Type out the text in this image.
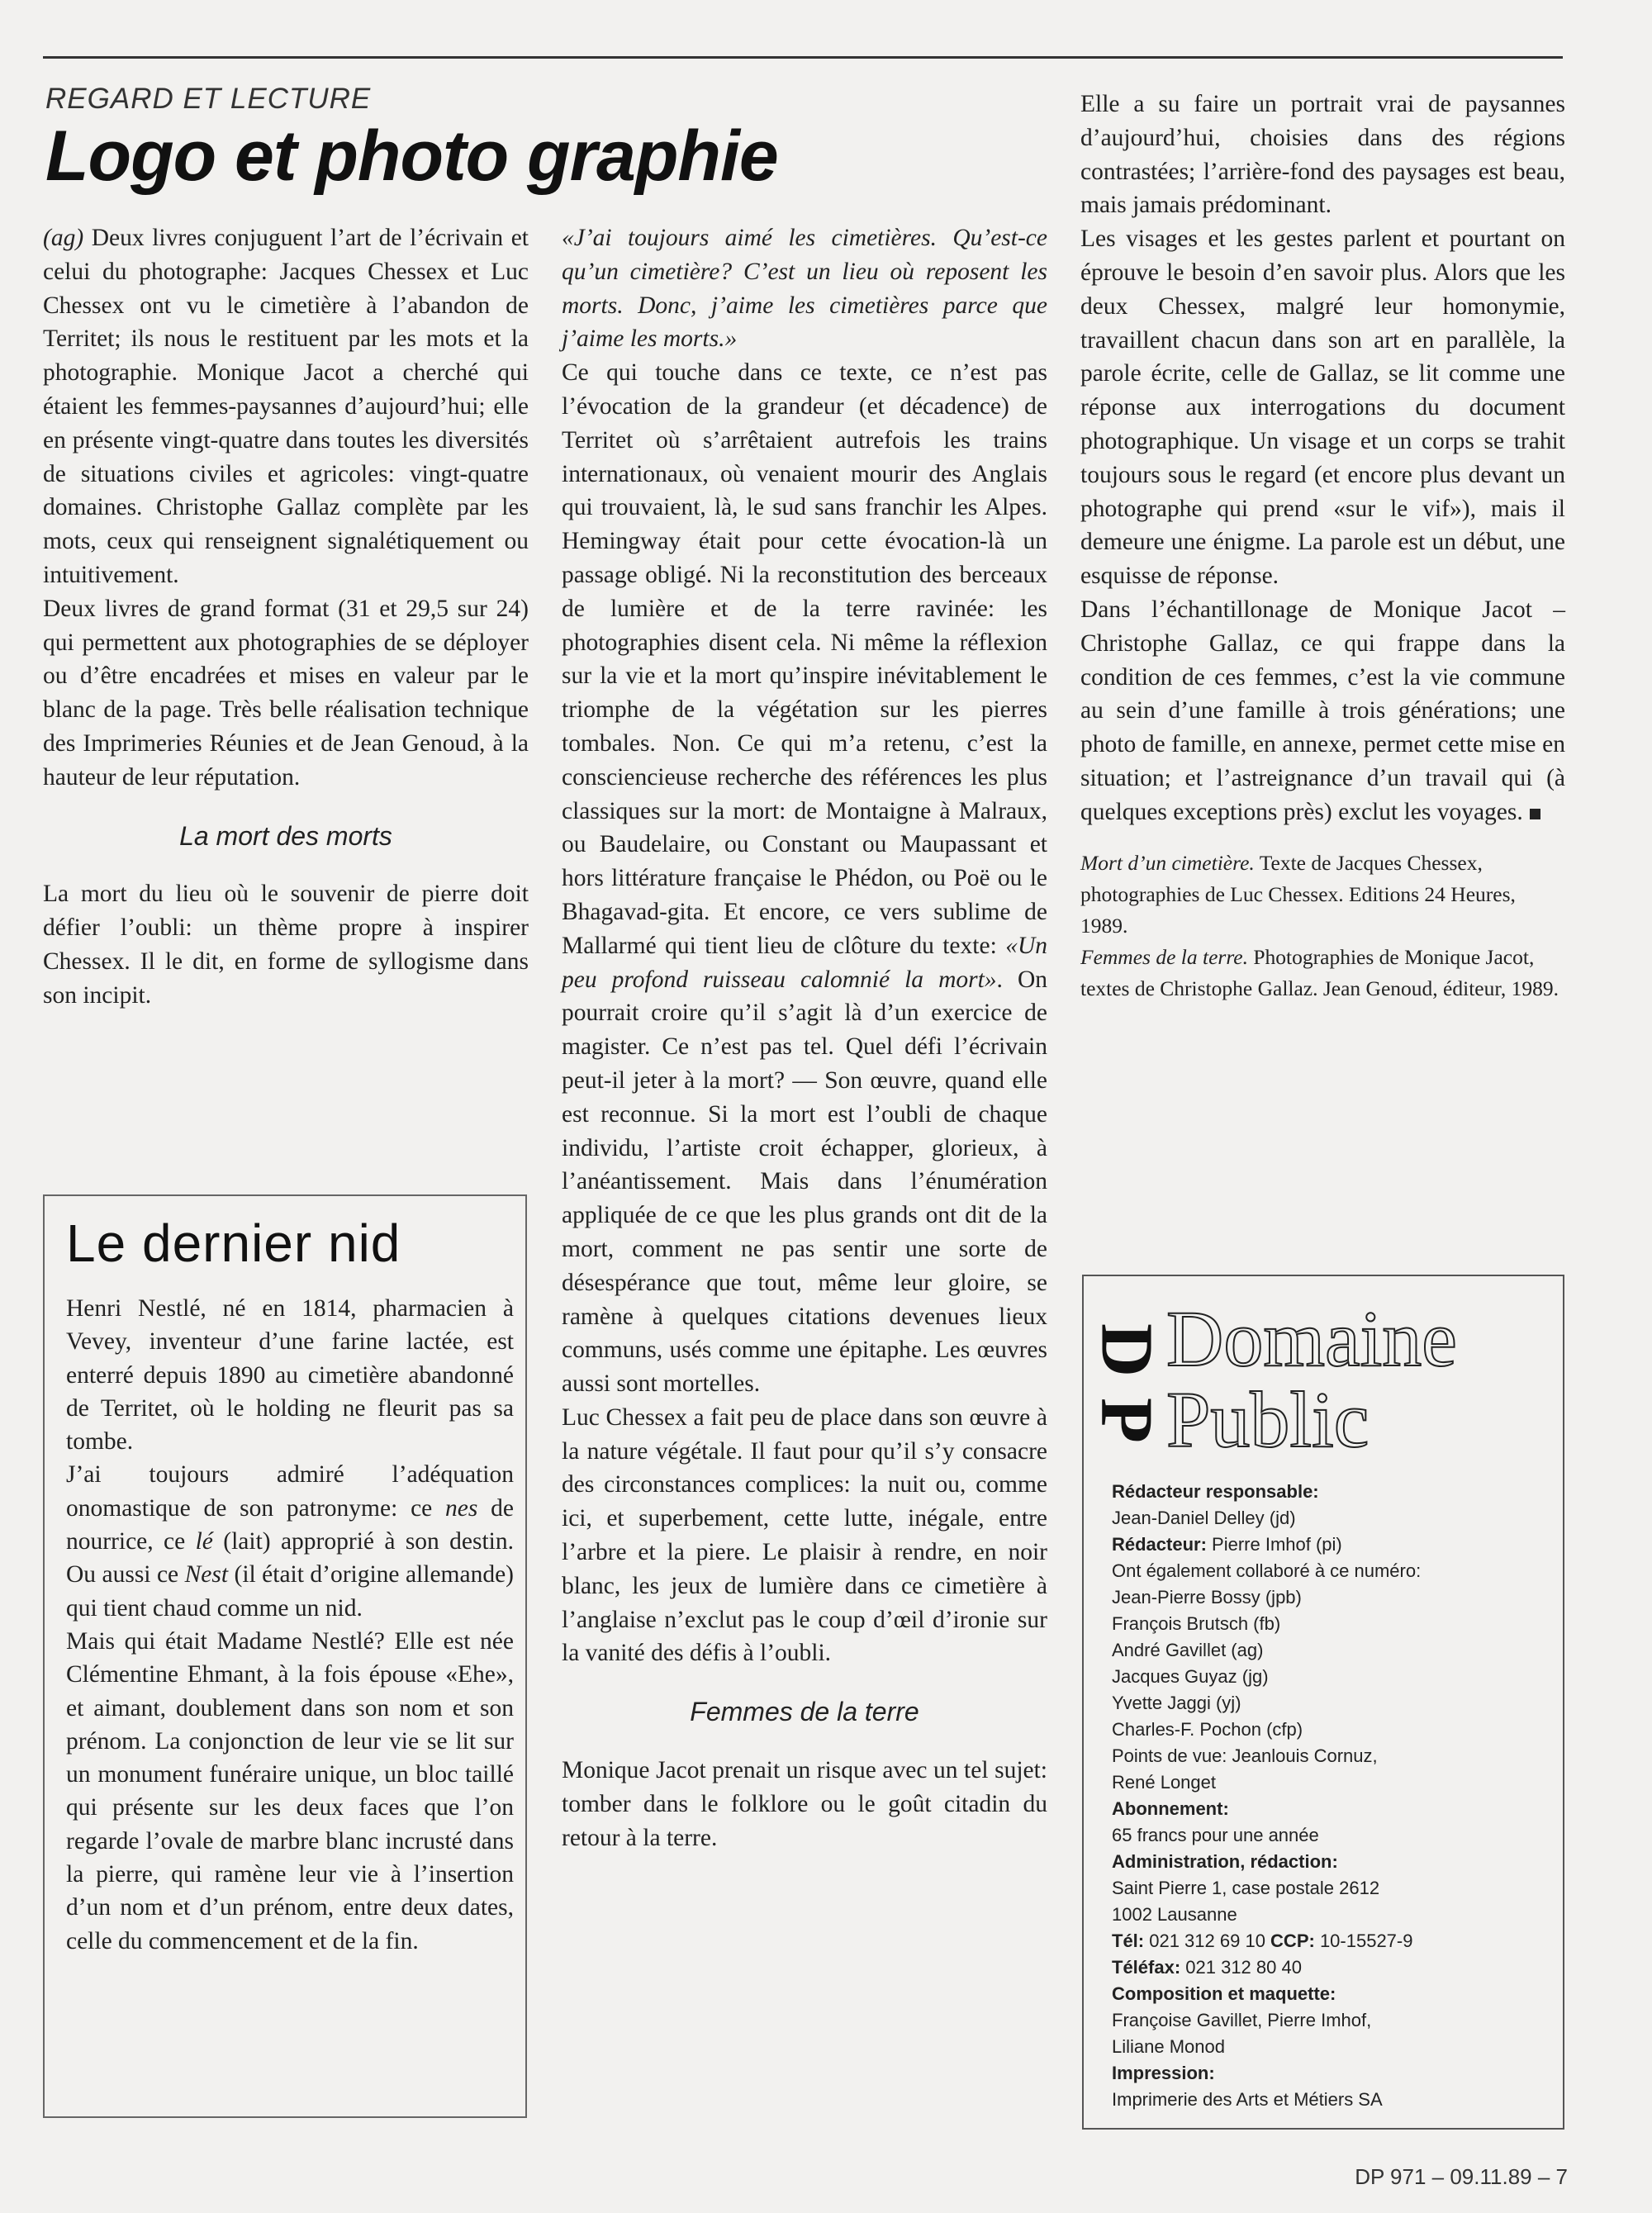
REGARD ET LECTURE
Logo et photo graphie

(ag) Deux livres conjuguent l’art de l’écrivain et celui du photographe: Jacques Chessex et Luc Chessex ont vu le cimetière à l’abandon de Territet; ils nous le restituent par les mots et la photographie. Monique Jacot a cherché qui étaient les femmes-paysannes d’aujourd’hui; elle en présente vingt-quatre dans toutes les diversités de situations civiles et agricoles: vingt-quatre domaines. Christophe Gallaz complète par les mots, ceux qui renseignent signalétiquement ou intuitivement.

Deux livres de grand format (31 et 29,5 sur 24) qui permettent aux photographies de se déployer ou d’être encadrées et mises en valeur par le blanc de la page. Très belle réalisation technique des Imprimeries Réunies et de Jean Genoud, à la hauteur de leur réputation.

La mort des morts

La mort du lieu où le souvenir de pierre doit défier l’oubli: un thème propre à inspirer Chessex. Il le dit, en forme de syllogisme dans son incipit.

Le dernier nid

Henri Nestlé, né en 1814, pharmacien à Vevey, inventeur d’une farine lactée, est enterré depuis 1890 au cimetière abandonné de Territet, où le holding ne fleurit pas sa tombe.

J’ai toujours admiré l’adéquation onomastique de son patronyme: ce nes de nourrice, ce lé (lait) approprié à son destin. Ou aussi ce Nest (il était d’origine allemande) qui tient chaud comme un nid.

Mais qui était Madame Nestlé? Elle est née Clémentine Ehmant, à la fois épouse «Ehe», et aimant, doublement dans son nom et son prénom. La conjonction de leur vie se lit sur un monument funéraire unique, un bloc taillé qui présente sur les deux faces que l’on regarde l’ovale de marbre blanc incrusté dans la pierre, qui ramène leur vie à l’insertion d’un nom et d’un prénom, entre deux dates, celle du commencement et de la fin.

«J’ai toujours aimé les cimetières. Qu’est-ce qu’un cimetière? C’est un lieu où reposent les morts. Donc, j’aime les cimetières parce que j’aime les morts.»

Ce qui touche dans ce texte, ce n’est pas l’évocation de la grandeur (et décadence) de Territet où s’arrêtaient autrefois les trains internationaux, où venaient mourir des Anglais qui trouvaient, là, le sud sans franchir les Alpes. Hemingway était pour cette évocation-là un passage obligé. Ni la reconstitution des berceaux de lumière et de la terre ravinée: les photographies disent cela. Ni même la réflexion sur la vie et la mort qu’inspire inévitablement le triomphe de la végétation sur les pierres tombales. Non. Ce qui m’a retenu, c’est la consciencieuse recherche des références les plus classiques sur la mort: de Montaigne à Malraux, ou Baudelaire, ou Constant ou Maupassant et hors littérature française le Phédon, ou Poë ou le Bhagavad-gita. Et encore, ce vers sublime de Mallarmé qui tient lieu de clôture du texte: «Un peu profond ruisseau calomnié la mort». On pourrait croire qu’il s’agit là d’un exercice de magister. Ce n’est pas tel. Quel défi l’écrivain peut-il jeter à la mort? — Son œuvre, quand elle est reconnue. Si la mort est l’oubli de chaque individu, l’artiste croit échapper, glorieux, à l’anéantissement. Mais dans l’énumération appliquée de ce que les plus grands ont dit de la mort, comment ne pas sentir une sorte de désespérance que tout, même leur gloire, se ramène à quelques citations devenues lieux communs, usés comme une épitaphe. Les œuvres aussi sont mortelles.

Luc Chessex a fait peu de place dans son œuvre à la nature végétale. Il faut pour qu’il s’y consacre des circonstances complices: la nuit ou, comme ici, et superbement, cette lutte, inégale, entre l’arbre et la piere. Le plaisir à rendre, en noir blanc, les jeux de lumière dans ce cimetière à l’anglaise n’exclut pas le coup d’œil d’ironie sur la vanité des défis à l’oubli.

Femmes de la terre

Monique Jacot prenait un risque avec un tel sujet: tomber dans le folklore ou le goût citadin du retour à la terre.

Elle a su faire un portrait vrai de paysannes d’aujourd’hui, choisies dans des régions contrastées; l’arrière-fond des paysages est beau, mais jamais prédominant.

Les visages et les gestes parlent et pourtant on éprouve le besoin d’en savoir plus. Alors que les deux Chessex, malgré leur homonymie, travaillent chacun dans son art en parallèle, la parole écrite, celle de Gallaz, se lit comme une réponse aux interrogations du document photographique. Un visage et un corps se trahit toujours sous le regard (et encore plus devant un photographe qui prend «sur le vif»), mais il demeure une énigme. La parole est un début, une esquisse de réponse.

Dans l’échantillonage de Monique Jacot – Christophe Gallaz, ce qui frappe dans la condition de ces femmes, c’est la vie commune au sein d’une famille à trois générations; une photo de famille, en annexe, permet cette mise en situation; et l’astreignance d’un travail qui (à quelques exceptions près) exclut les voyages.

Mort d’un cimetière. Texte de Jacques Chessex, photographies de Luc Chessex. Editions 24 Heures, 1989.

Femmes de la terre. Photographies de Monique Jacot, textes de Christophe Gallaz. Jean Genoud, éditeur, 1989.

D
P
Domaine
Public
Rédacteur responsable:
Jean-Daniel Delley (jd)
Rédacteur: Pierre Imhof (pi)
Ont également collaboré à ce numéro:
Jean-Pierre Bossy (jpb)
François Brutsch (fb)
André Gavillet (ag)
Jacques Guyaz (jg)
Yvette Jaggi (yj)
Charles-F. Pochon (cfp)
Points de vue: Jeanlouis Cornuz,
René Longet
Abonnement:
65 francs pour une année
Administration, rédaction:
Saint Pierre 1, case postale 2612
1002 Lausanne
Tél: 021 312 69 10 CCP: 10-15527-9
Téléfax: 021 312 80 40
Composition et maquette:
Françoise Gavillet, Pierre Imhof,
Liliane Monod
Impression:
Imprimerie des Arts et Métiers SA
DP 971 – 09.11.89 – 7
